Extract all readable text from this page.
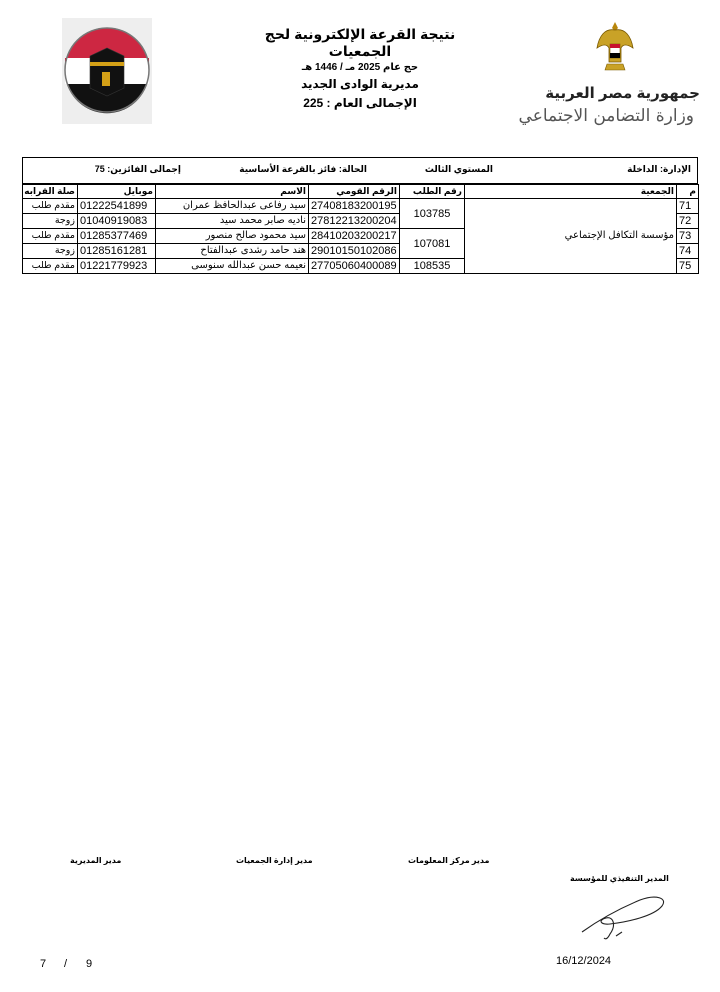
جمهورية مصر العربية
وزارة التضامن الاجتماعي
نتيجة القرعة الإلكترونية لحج الجمعيات
حج عام 2025 مـ / 1446 هـ
مديرية الوادى الجديد
الإجمالى العام : 225
الإدارة: الداخلة
المستوي الثالث
الحالة: فائز بالقرعة الأساسية
إجمالى الفائزين: 75
م	الجمعية	رقم الطلب	الرقم القومي	الاسم	موبايل	صلة القرابه
71	مؤسسة التكافل الإجتماعي	103785	27408183200195	سيد رفاعى عبدالحافظ عمران	01222541899	مقدم طلب
72			27812213200204	ناديه صابر محمد سيد	01040919083	زوجة
73		107081	28410203200217	سيد محمود صالح منصور	01285377469	مقدم طلب
74			29010150102086	هند حامد رشدى عبدالفتاح	01285161281	زوجة
75		108535	27705060400089	نعيمه حسن عبدالله سنوسى	01221779923	مقدم طلب
مدير المديرية	مدير إدارة الجمعيات	مدير مركز المعلومات
المدير التنفيذي للمؤسسة
16/12/2024
7 / 9
